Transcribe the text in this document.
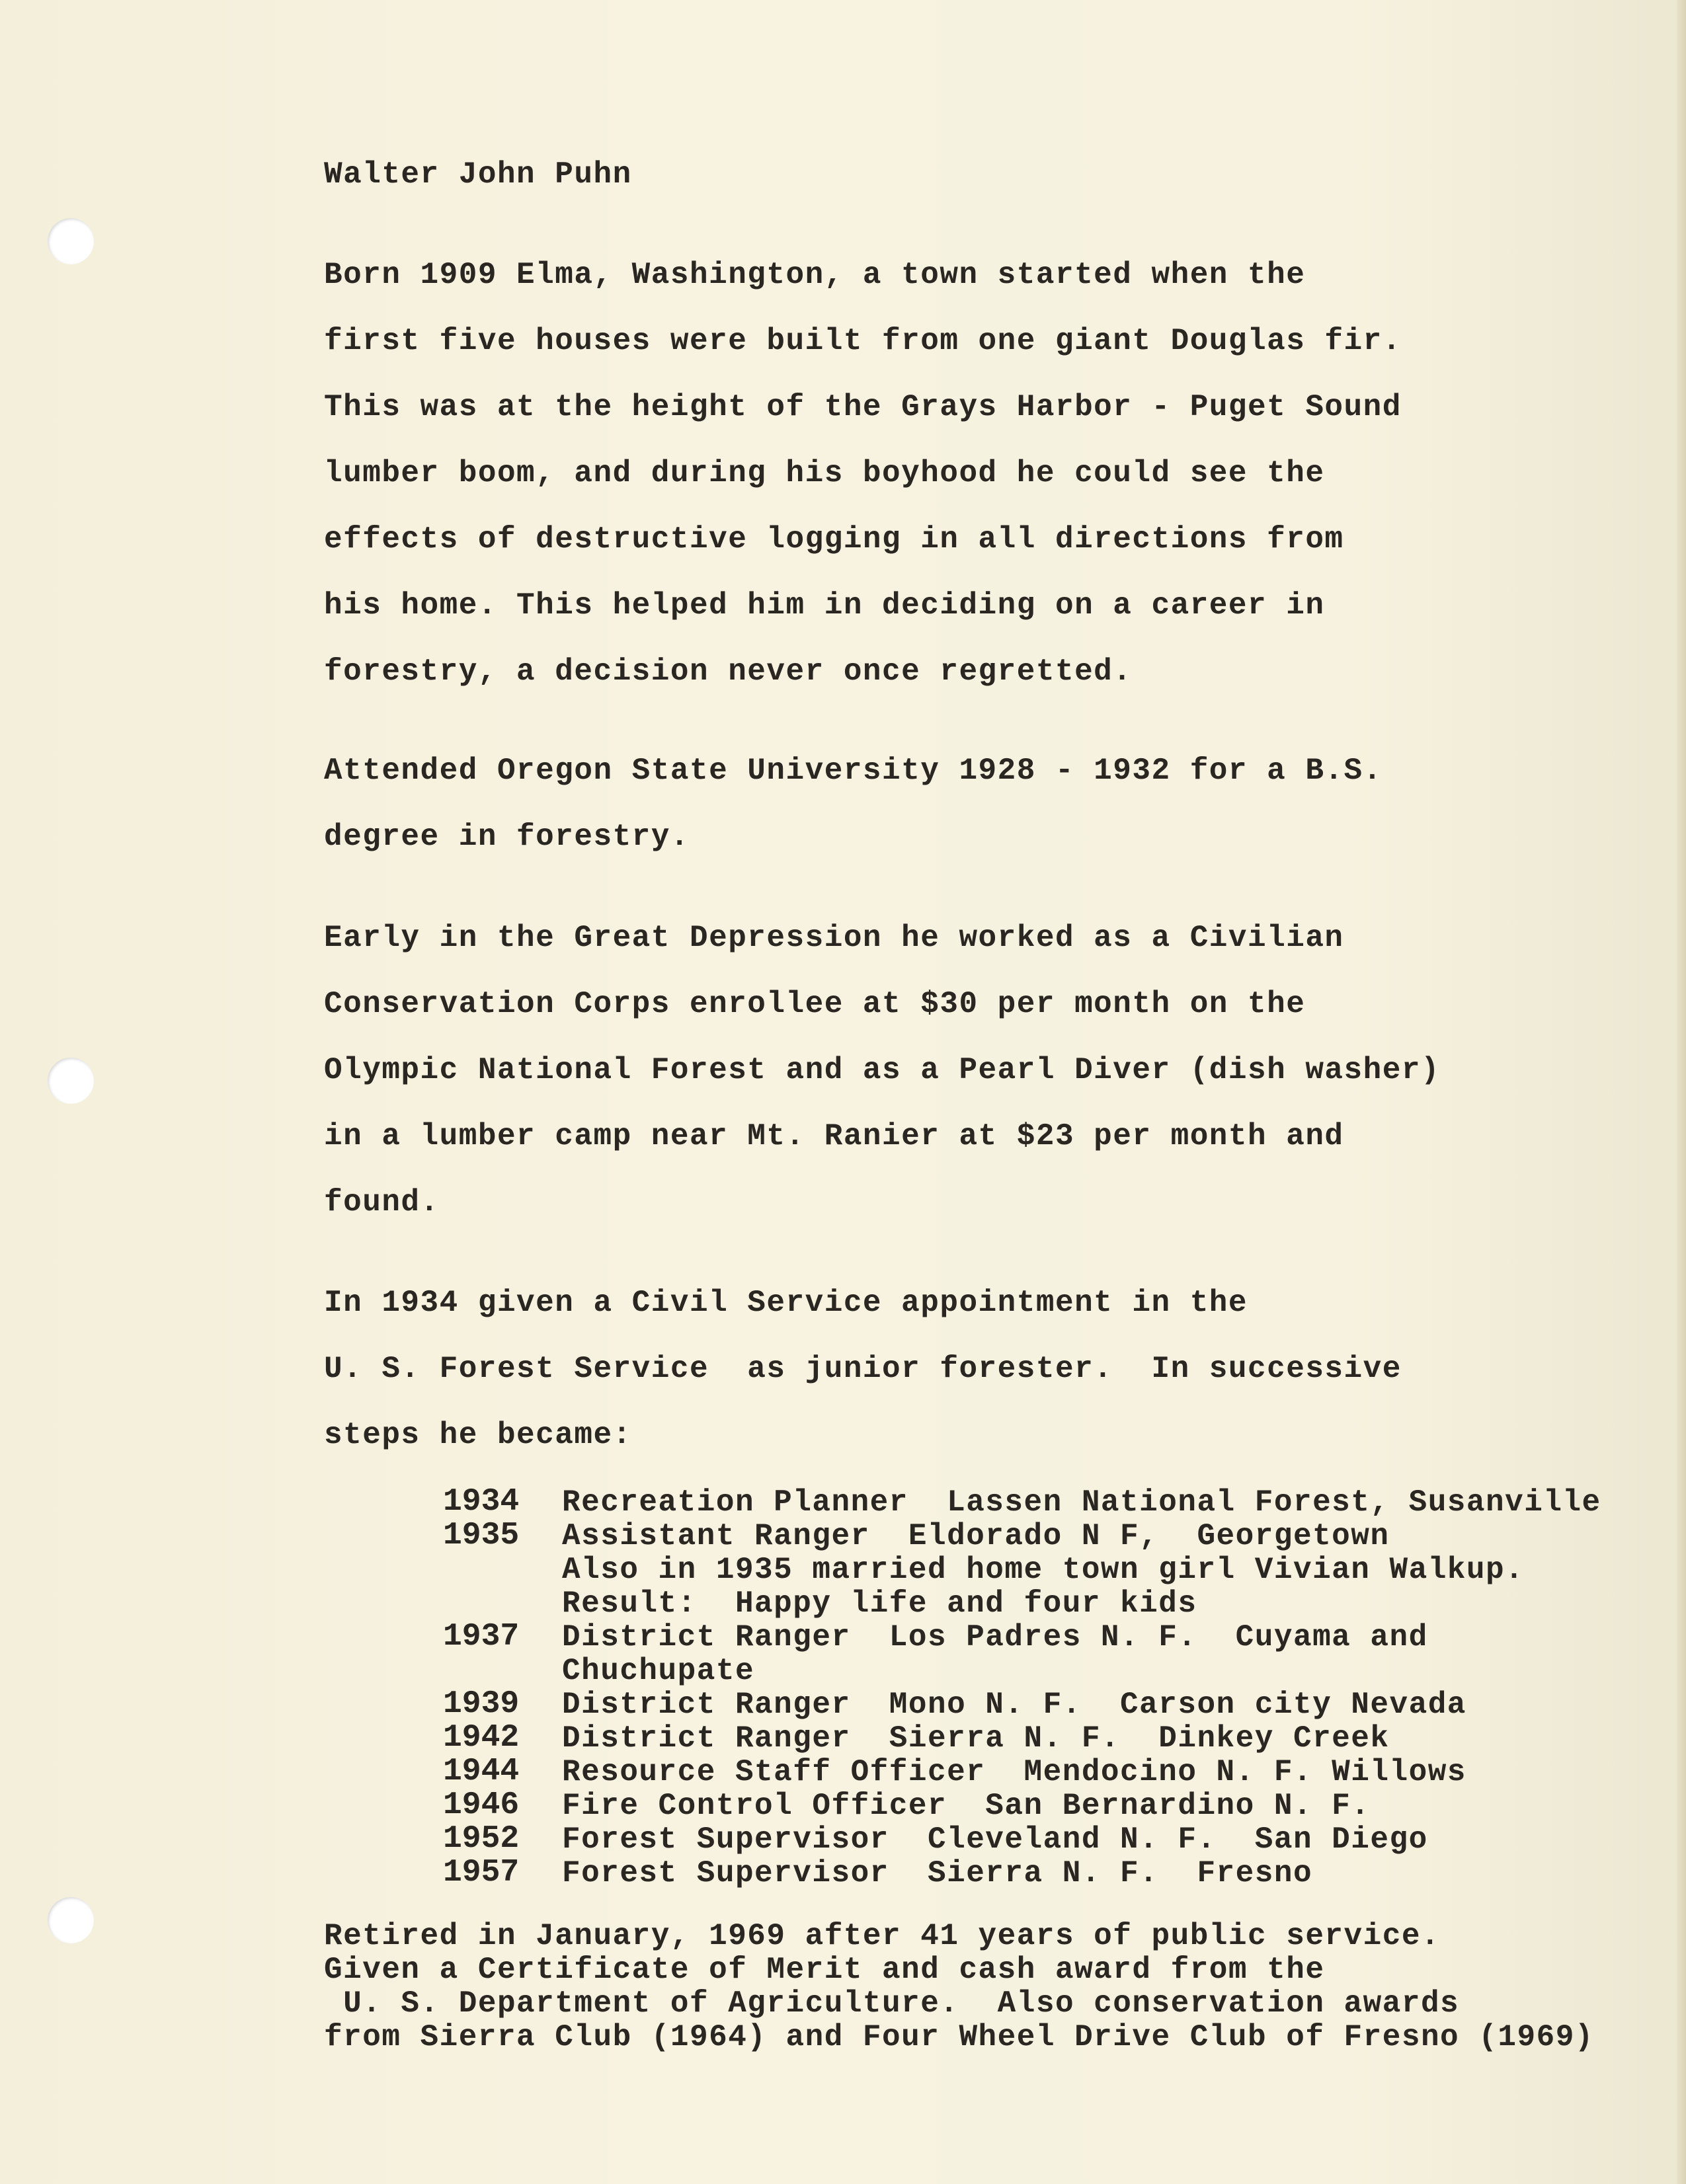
Walter John Puhn
Born 1909 Elma, Washington, a town started when the
first five houses were built from one giant Douglas fir.
This was at the height of the Grays Harbor - Puget Sound
lumber boom, and during his boyhood he could see the
effects of destructive logging in all directions from
his home. This helped him in deciding on a career in
forestry, a decision never once regretted.
Attended Oregon State University 1928 - 1932 for a B.S.
degree in forestry.
Early in the Great Depression he worked as a Civilian
Conservation Corps enrollee at $30 per month on the
Olympic National Forest and as a Pearl Diver (dish washer)
in a lumber camp near Mt. Ranier at $23 per month and
found.
In 1934 given a Civil Service appointment in the
U. S. Forest Service  as junior forester.  In successive
steps he became:
1934 Recreation Planner  Lassen National Forest, Susanville
1935 Assistant Ranger  Eldorado N F,  Georgetown
Also in 1935 married home town girl Vivian Walkup.
Result:  Happy life and four kids
1937 District Ranger  Los Padres N. F.  Cuyama and
Chuchupate
1939 District Ranger  Mono N. F.  Carson city Nevada
1942 District Ranger  Sierra N. F.  Dinkey Creek
1944 Resource Staff Officer  Mendocino N. F. Willows
1946 Fire Control Officer  San Bernardino N. F.
1952 Forest Supervisor  Cleveland N. F.  San Diego
1957 Forest Supervisor  Sierra N. F.  Fresno
Retired in January, 1969 after 41 years of public service.
Given a Certificate of Merit and cash award from the
U. S. Department of Agriculture.  Also conservation awards
from Sierra Club (1964) and Four Wheel Drive Club of Fresno (1969)
